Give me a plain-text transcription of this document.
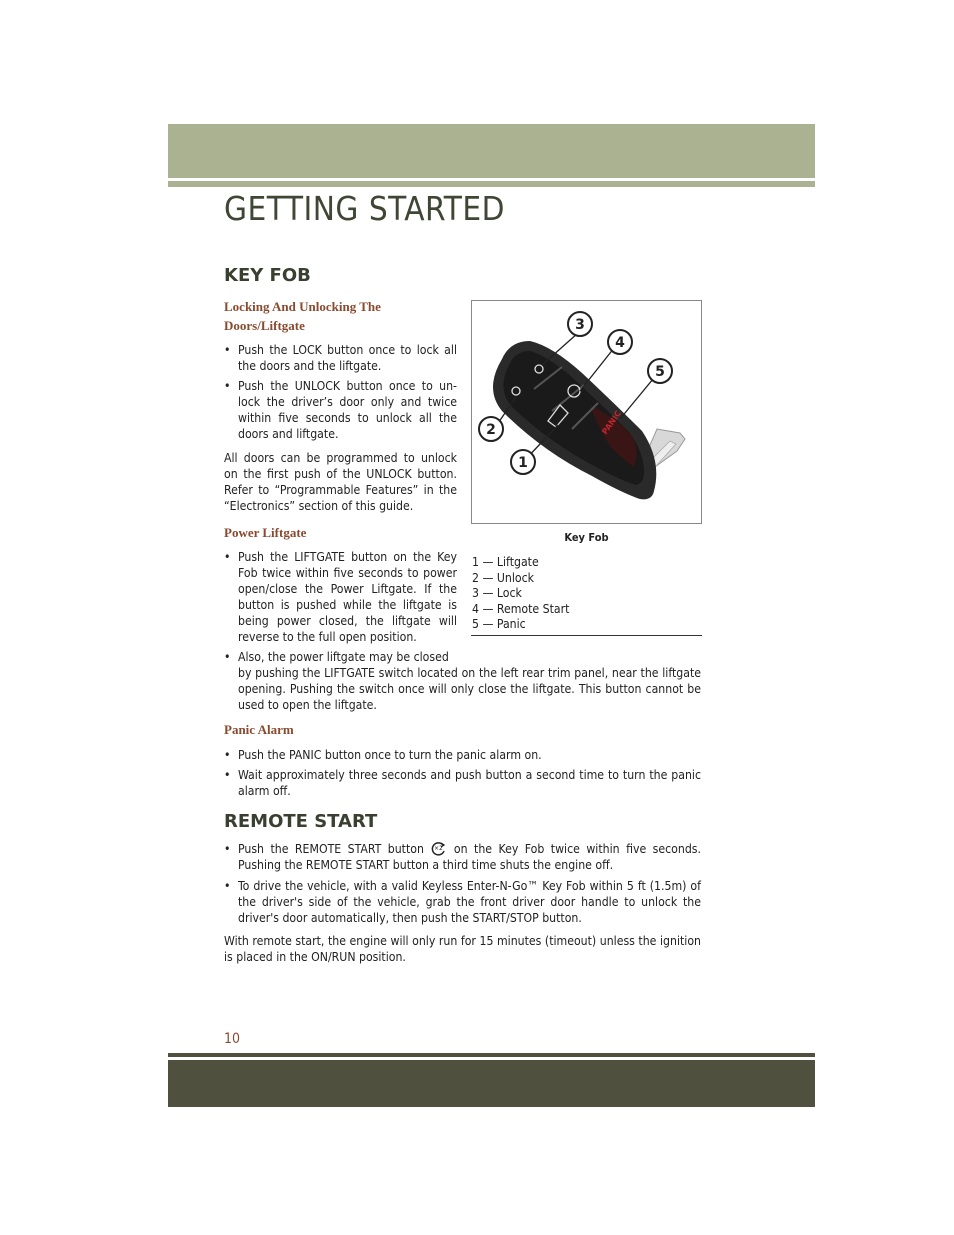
GETTING STARTED
KEY FOB
Locking And Unlocking The Doors/Liftgate
• Push the LOCK button once to lock all the doors and the liftgate.
• Push the UNLOCK button once to un-lock the driver’s door only and twice within five seconds to unlock all the doors and liftgate.
All doors can be programmed to unlock on the first push of the UNLOCK button. Refer to “Programmable Features” in the “Electronics” section of this guide.
Power Liftgate
• Push the LIFTGATE button on the Key Fob twice within five seconds to power open/close the Power Liftgate. If the button is pushed while the liftgate is being power closed, the liftgate will reverse to the full open position.
• Also, the power liftgate may be closed
by pushing the LIFTGATE switch located on the left rear trim panel, near the liftgate opening. Pushing the switch once will only close the liftgate. This button cannot be used to open the liftgate.
Panic Alarm
• Push the PANIC button once to turn the panic alarm on.
• Wait approximately three seconds and push button a second time to turn the panic alarm off.
PANIC
3
4
5
2
1
Key Fob
1 — Liftgate
2 — Unlock
3 — Lock
4 — Remote Start
5 — Panic
REMOTE START
• Push the REMOTE START button ×2 on the Key Fob twice within five seconds. Pushing the REMOTE START button a third time shuts the engine off.
• To drive the vehicle, with a valid Keyless Enter-N-Go™ Key Fob within 5 ft (1.5m) of the driver's side of the vehicle, grab the front driver door handle to unlock the driver's door automatically, then push the START/STOP button.
With remote start, the engine will only run for 15 minutes (timeout) unless the ignition is placed in the ON/RUN position.
10
